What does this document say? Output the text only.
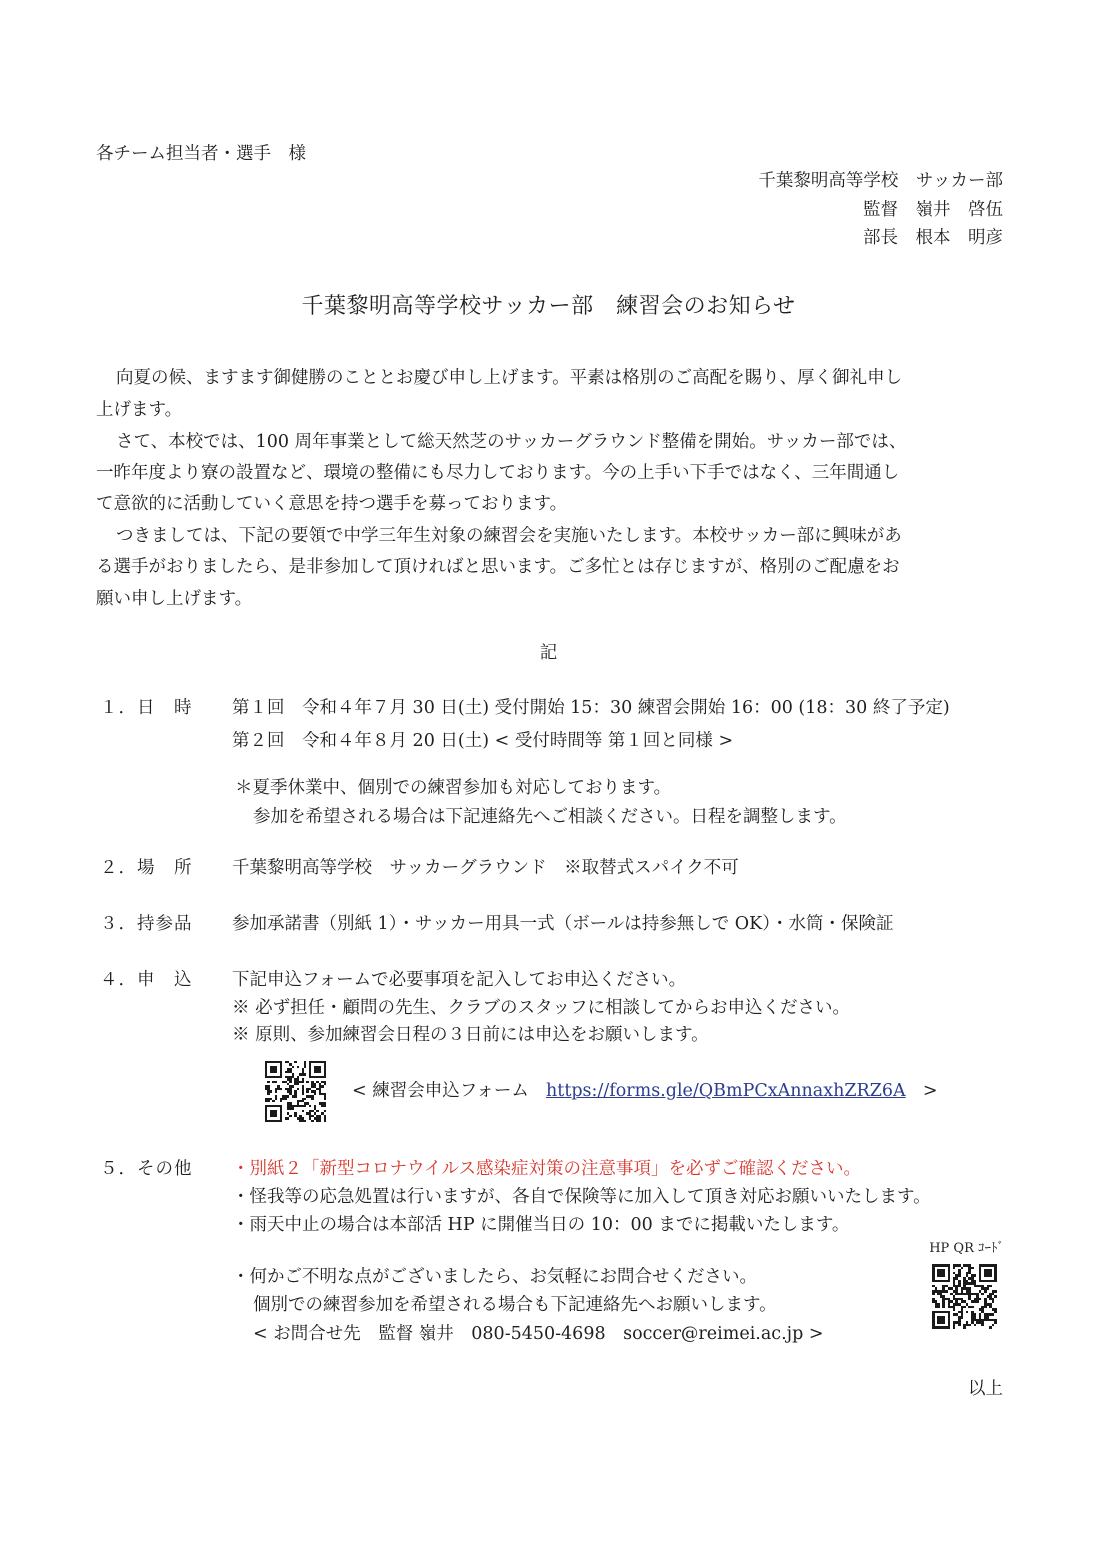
各チーム担当者・選手　様
千葉黎明高等学校　サッカー部
監督　嶺井　啓伍
部長　根本　明彦
千葉黎明高等学校サッカー部　練習会のお知らせ
向夏の候、ますます御健勝のこととお慶び申し上げます。平素は格別のご高配を賜り、厚く御礼申し
上げます。
さて、本校では、100 周年事業として総天然芝のサッカーグラウンド整備を開始。サッカー部では、
一昨年度より寮の設置など、環境の整備にも尽力しております。今の上手い下手ではなく、三年間通し
て意欲的に活動していく意思を持つ選手を募っております。
つきましては、下記の要領で中学三年生対象の練習会を実施いたします。本校サッカー部に興味があ
る選手がおりましたら、是非参加して頂ければと思います。ご多忙とは存じますが、格別のご配慮をお
願い申し上げます。
記
１．日　時 第１回　令和４年７月 30 日(土) 受付開始 15：30 練習会開始 16：00 (18：30 終了予定)
第２回　令和４年８月 20 日(土) < 受付時間等 第１回と同様 >
＊夏季休業中、個別での練習参加も対応しております。
参加を希望される場合は下記連絡先へご相談ください。日程を調整します。
２．場　所 千葉黎明高等学校　サッカーグラウンド　※取替式スパイク不可
３．持参品 参加承諾書（別紙 1）・サッカー用具一式（ボールは持参無しで OK）・水筒・保険証
４．申　込 下記申込フォームで必要事項を記入してお申込ください。
※ 必ず担任・顧問の先生、クラブのスタッフに相談してからお申込ください。
※ 原則、参加練習会日程の３日前には申込をお願いします。
< 練習会申込フォーム https://forms.gle/QBmPCxAnnaxhZRZ6A >
５．その他 ・別紙２「新型コロナウイルス感染症対策の注意事項」を必ずご確認ください。
・怪我等の応急処置は行いますが、各自で保険等に加入して頂き対応お願いいたします。
・雨天中止の場合は本部活 HP に開催当日の 10：00 までに掲載いたします。
HP QR ｺｰﾄﾞ
・何かご不明な点がございましたら、お気軽にお問合せください。
個別での練習参加を希望される場合も下記連絡先へお願いします。
< お問合せ先　監督 嶺井　080-5450-4698　soccer@reimei.ac.jp >
以上
